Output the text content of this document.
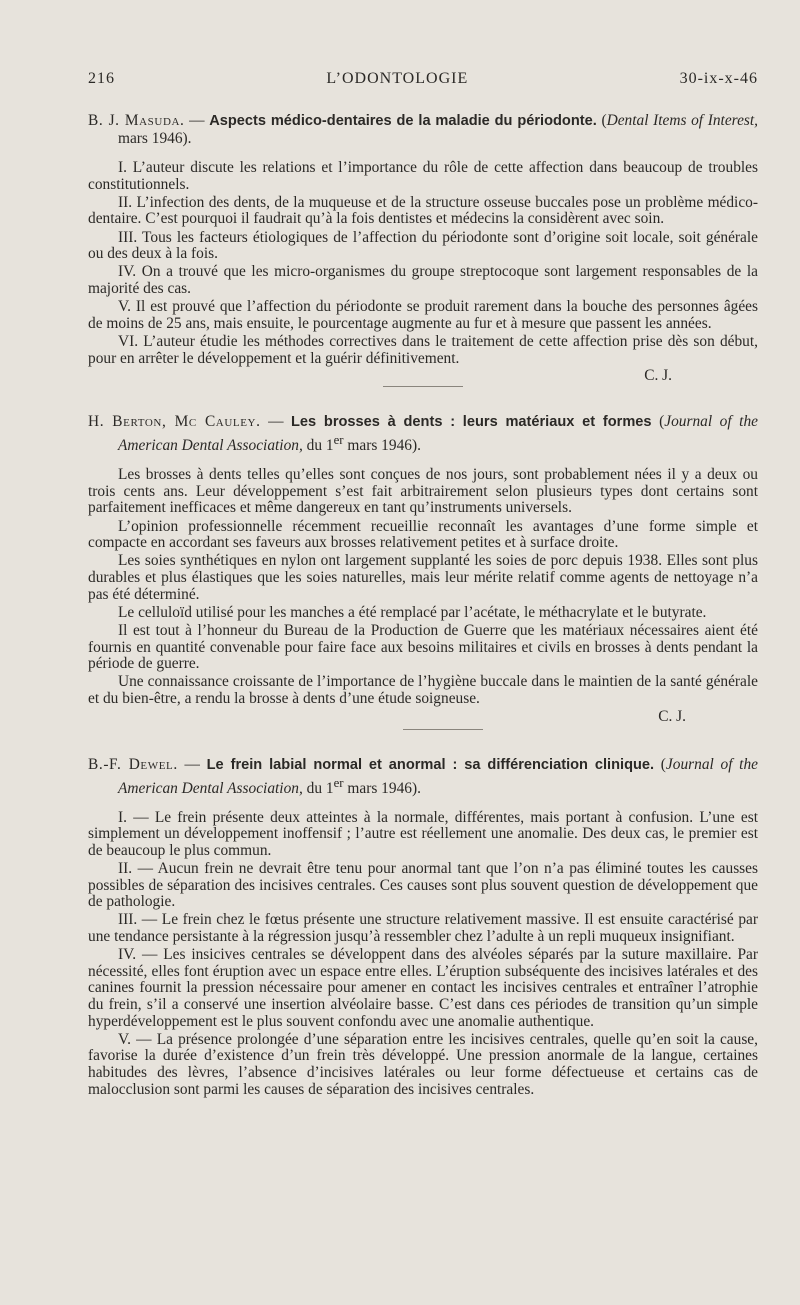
216	L’ODONTOLOGIE	30-ix-x-46

B. J. Masuda. — Aspects médico-dentaires de la maladie du périodonte. (Dental Items of Interest, mars 1946).

I. L’auteur discute les relations et l’importance du rôle de cette affection dans beaucoup de troubles constitutionnels.

II. L’infection des dents, de la muqueuse et de la structure osseuse buccales pose un problème médico-dentaire. C’est pourquoi il faudrait qu’à la fois dentistes et médecins la considèrent avec soin.

III. Tous les facteurs étiologiques de l’affection du périodonte sont d’origine soit locale, soit générale ou des deux à la fois.

IV. On a trouvé que les micro-organismes du groupe streptocoque sont largement responsables de la majorité des cas.

V. Il est prouvé que l’affection du périodonte se produit rarement dans la bouche des personnes âgées de moins de 25 ans, mais ensuite, le pourcentage augmente au fur et à mesure que passent les années.

VI. L’auteur étudie les méthodes correctives dans le traitement de cette affection prise dès son début, pour en arrêter le développement et la guérir définitivement.

C. J.

H. Berton, Mc Cauley. — Les brosses à dents : leurs matériaux et formes (Journal of the American Dental Association, du 1er mars 1946).

Les brosses à dents telles qu’elles sont conçues de nos jours, sont probablement nées il y a deux ou trois cents ans. Leur développement s’est fait arbitrairement selon plusieurs types dont certains sont parfaitement inefficaces et même dangereux en tant qu’instruments universels.

L’opinion professionnelle récemment recueillie reconnaît les avantages d’une forme simple et compacte en accordant ses faveurs aux brosses relativement petites et à surface droite.

Les soies synthétiques en nylon ont largement supplanté les soies de porc depuis 1938. Elles sont plus durables et plus élastiques que les soies naturelles, mais leur mérite relatif comme agents de nettoyage n’a pas été déterminé.

Le celluloïd utilisé pour les manches a été remplacé par l’acétate, le méthacrylate et le butyrate.

Il est tout à l’honneur du Bureau de la Production de Guerre que les matériaux nécessaires aient été fournis en quantité convenable pour faire face aux besoins militaires et civils en brosses à dents pendant la période de guerre.

Une connaissance croissante de l’importance de l’hygiène buccale dans le maintien de la santé générale et du bien-être, a rendu la brosse à dents d’une étude soigneuse.

C. J.

B.-F. Dewel. — Le frein labial normal et anormal : sa différenciation clinique. (Journal of the American Dental Association, du 1er mars 1946).

I. — Le frein présente deux atteintes à la normale, différentes, mais portant à confusion. L’une est simplement un développement inoffensif ; l’autre est réellement une anomalie. Des deux cas, le premier est de beaucoup le plus commun.

II. — Aucun frein ne devrait être tenu pour anormal tant que l’on n’a pas éliminé toutes les causses possibles de séparation des incisives centrales. Ces causes sont plus souvent question de développement que de pathologie.

III. — Le frein chez le fœtus présente une structure relativement massive. Il est ensuite caractérisé par une tendance persistante à la régression jusqu’à ressembler chez l’adulte à un repli muqueux insignifiant.

IV. — Les insicives centrales se développent dans des alvéoles séparés par la suture maxillaire. Par nécessité, elles font éruption avec un espace entre elles. L’éruption subséquente des incisives latérales et des canines fournit la pression nécessaire pour amener en contact les incisives centrales et entraîner l’atrophie du frein, s’il a conservé une insertion alvéolaire basse. C’est dans ces périodes de transition qu’un simple hyperdéveloppement est le plus souvent confondu avec une anomalie authentique.

V. — La présence prolongée d’une séparation entre les incisives centrales, quelle qu’en soit la cause, favorise la durée d’existence d’un frein très développé. Une pression anormale de la langue, certaines habitudes des lèvres, l’absence d’incisives latérales ou leur forme défectueuse et certains cas de malocclusion sont parmi les causes de séparation des incisives centrales.
